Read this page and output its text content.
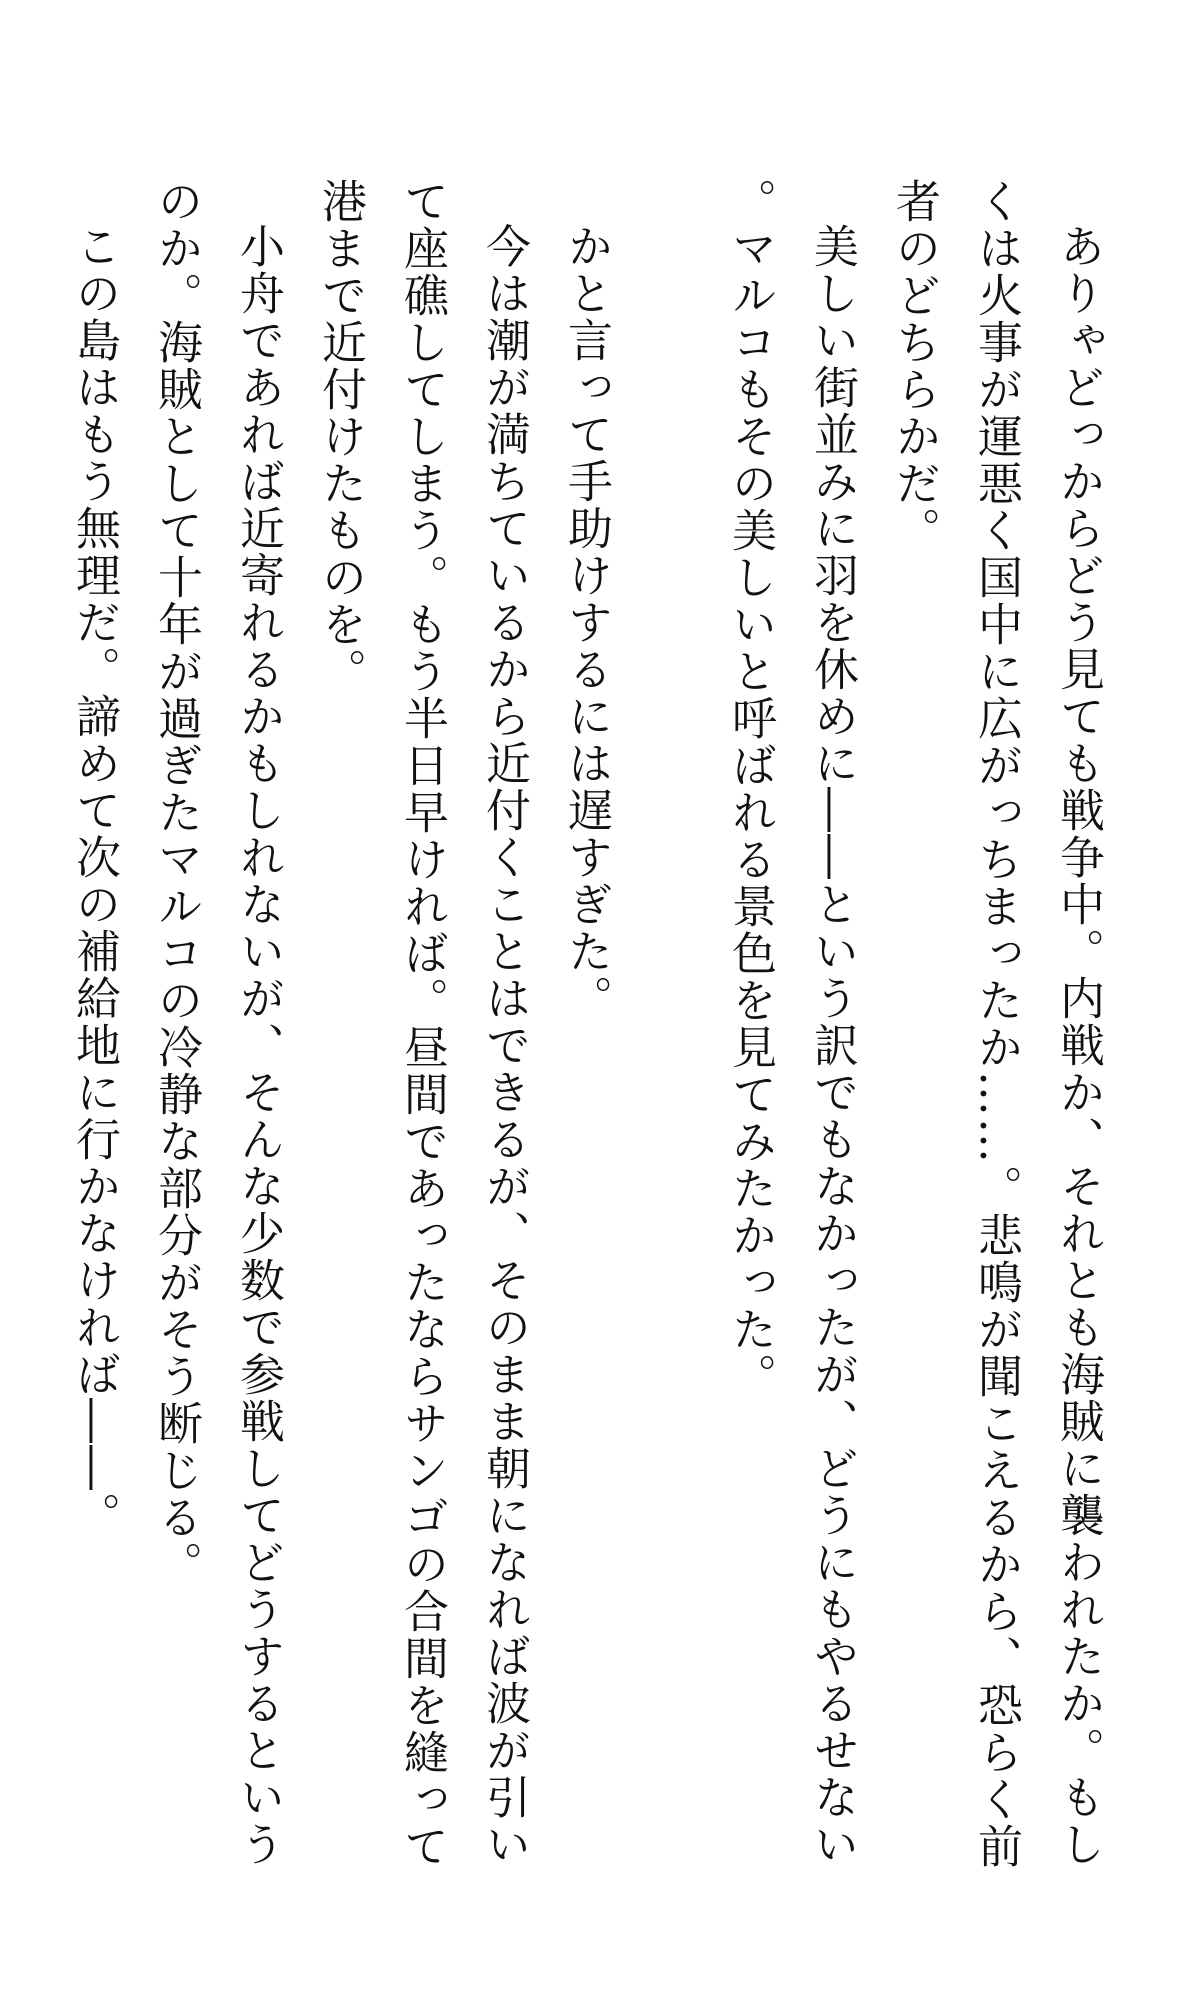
ありゃどっからどう見ても戦争中。内戦か、それとも海賊に襲われたか。もしくは火事が運悪く国中に広がっちまったか……。悲鳴が聞こえるから、恐らく前者のどちらかだ。

美しい街並みに羽を休めに――という訳でもなかったが、どうにもやるせない。マルコもその美しいと呼ばれる景色を見てみたかった。

かと言って手助けするには遅すぎた。

今は潮が満ちているから近付くことはできるが、そのまま朝になれば波が引いて座礁してしまう。もう半日早ければ。昼間であったならサンゴの合間を縫って港まで近付けたものを。

小舟であれば近寄れるかもしれないが、そんな少数で参戦してどうするというのか。海賊として十年が過ぎたマルコの冷静な部分がそう断じる。

この島はもう無理だ。諦めて次の補給地に行かなければ――。
